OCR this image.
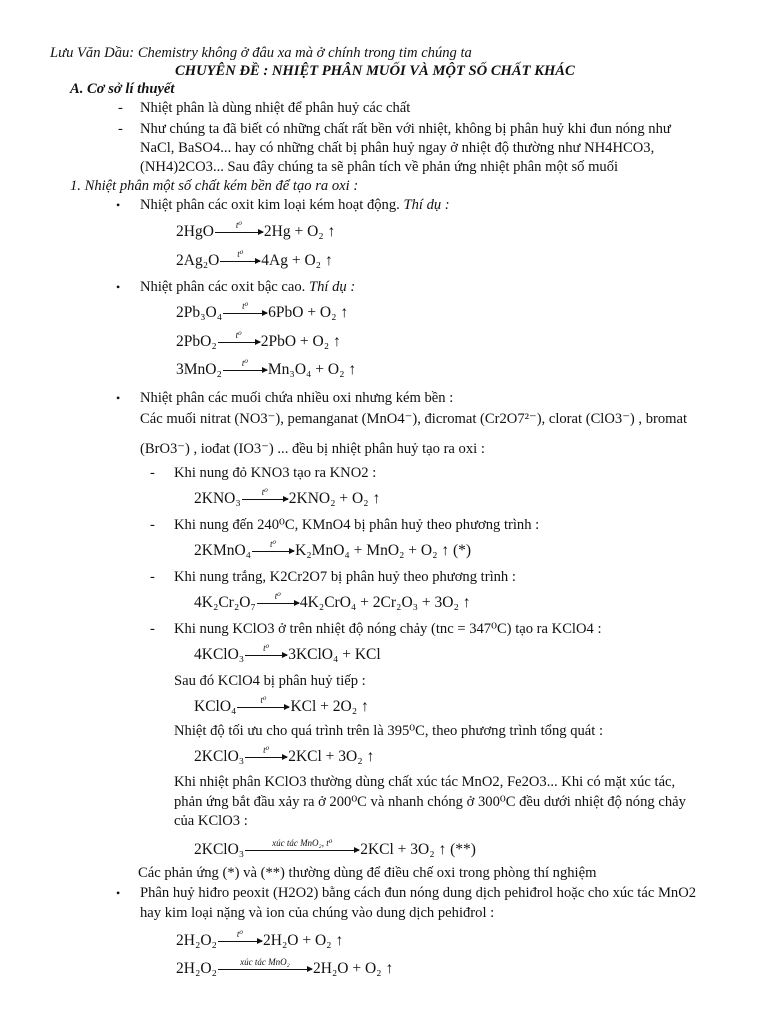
Lưu Văn Dầu: Chemistry không ở đâu xa mà ở chính trong tim chúng ta
CHUYÊN ĐỀ : NHIỆT PHÂN MUỐI VÀ MỘT SỐ CHẤT KHÁC
A. Cơ sở lí thuyết
- Nhiệt phân là dùng nhiệt để phân huỷ các chất
- Như chúng ta đã biết có những chất rất bền với nhiệt, không bị phân huỷ khi đun nóng như
NaCl, BaSO4... hay có những chất bị phân huỷ ngay ở nhiệt độ thường như NH4HCO3,
(NH4)2CO3... Sau đây chúng ta sẽ phân tích về phản ứng nhiệt phân một số muối
1. Nhiệt phân một số chất kém bền để tạo ra oxi :
• Nhiệt phân các oxit kim loại kém hoạt động. Thí dụ :
2HgO	t⁰	2Hg + O₂ ↑
2Ag₂O	t⁰	4Ag + O₂ ↑
• Nhiệt phân các oxit bậc cao. Thí dụ :
2Pb₃O₄	t⁰	6PbO + O₂ ↑
2PbO₂	t⁰	2PbO + O₂ ↑
3MnO₂	t⁰	Mn₃O₄ + O₂ ↑
• Nhiệt phân các muối chứa nhiều oxi nhưng kém bền :
Các muối nitrat (NO3⁻), pemanganat (MnO4⁻), đicromat (Cr2O7²⁻), clorat (ClO3⁻) , bromat
(BrO3⁻) , iođat (IO3⁻) ... đều bị nhiệt phân huỷ tạo ra oxi :
- Khi nung đỏ KNO3 tạo ra KNO2 :
2KNO₃	t⁰	2KNO₂ + O₂ ↑
- Khi nung đến 240⁰C, KMnO4 bị phân huỷ theo phương trình :
2KMnO₄	t⁰	K₂MnO₄ + MnO₂ + O₂ ↑ (*)
- Khi nung trắng, K2Cr2O7 bị phân huỷ theo phương trình :
4K₂Cr₂O₇	t⁰	4K₂CrO₄ + 2Cr₂O₃ + 3O₂ ↑
- Khi nung KClO3 ở trên nhiệt độ nóng chảy (tnc = 347⁰C) tạo ra KClO4 :
4KClO₃	t⁰	3KClO₄ + KCl
Sau đó KClO4 bị phân huỷ tiếp :
KClO₄	t⁰	KCl + 2O₂ ↑
Nhiệt độ tối ưu cho quá trình trên là 395⁰C, theo phương trình tổng quát :
2KClO₃	t⁰	2KCl + 3O₂ ↑
Khi nhiệt phân KClO3 thường dùng chất xúc tác MnO2, Fe2O3... Khi có mặt xúc tác,
phản ứng bắt đầu xảy ra ở 200⁰C và nhanh chóng ở 300⁰C đều dưới nhiệt độ nóng chảy
của KClO3 :
2KClO₃	xúc tác MnO₂, t⁰	2KCl + 3O₂ ↑ (**)
Các phản ứng (*) và (**) thường dùng để điều chế oxi trong phòng thí nghiệm
• Phân huỷ hiđro peoxit (H2O2) bằng cách đun nóng dung dịch pehiđrol hoặc cho xúc tác MnO2
hay kim loại nặng và ion của chúng vào dung dịch pehiđrol :
2H₂O₂	t⁰	2H₂O + O₂ ↑
2H₂O₂	xúc tác MnO₂	2H₂O + O₂ ↑
